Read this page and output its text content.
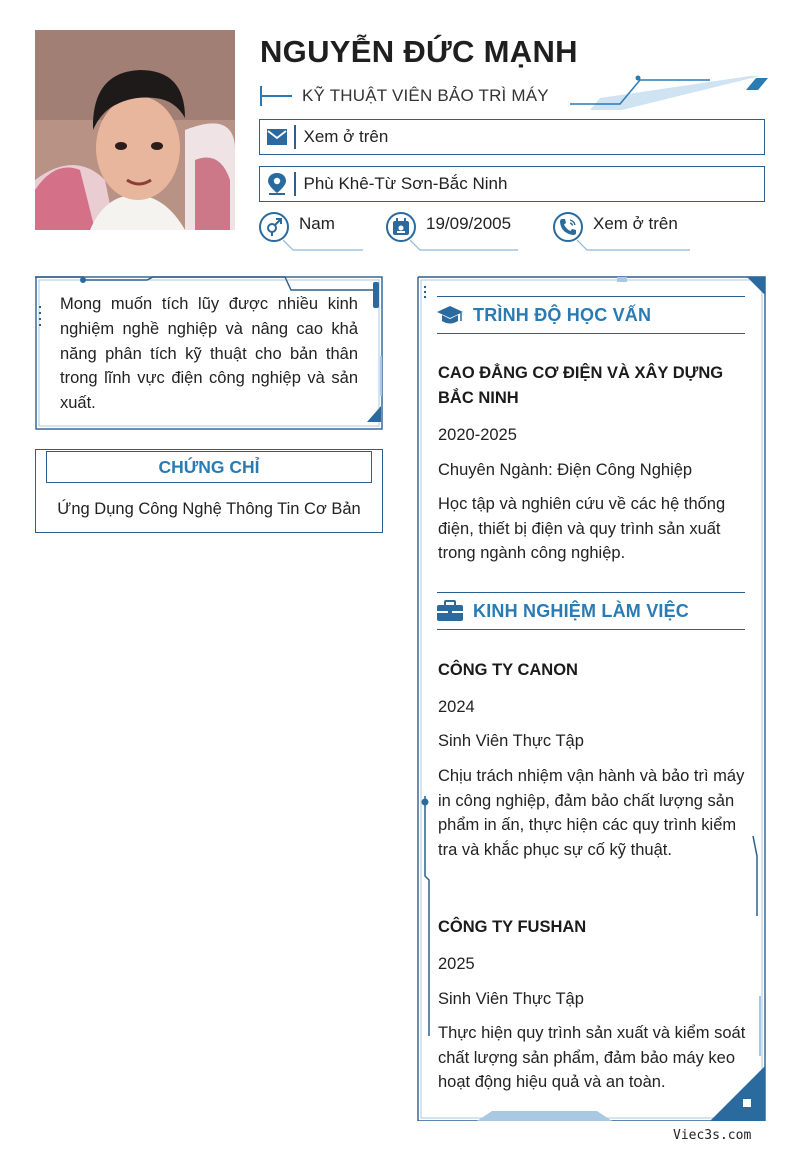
NGUYỄN ĐỨC MẠNH
KỸ THUẬT VIÊN BẢO TRÌ MÁY
Xem ở trên
Phù Khê-Từ Sơn-Bắc Ninh
Nam	19/09/2005	Xem ở trên
Mong muốn tích lũy được nhiều kinh nghiệm nghề nghiệp và nâng cao khả năng phân tích kỹ thuật cho bản thân trong lĩnh vực điện công nghiệp và sản xuất.
CHỨNG CHỈ
Ứng Dụng Công Nghệ Thông Tin Cơ Bản
TRÌNH ĐỘ HỌC VẤN
CAO ĐẲNG CƠ ĐIỆN VÀ XÂY DỰNG BẮC NINH
2020-2025
Chuyên Ngành: Điện Công Nghiệp
Học tập và nghiên cứu về các hệ thống điện, thiết bị điện và quy trình sản xuất trong ngành công nghiệp.
KINH NGHIỆM LÀM VIỆC
CÔNG TY CANON
2024
Sinh Viên Thực Tập
Chịu trách nhiệm vận hành và bảo trì máy in công nghiệp, đảm bảo chất lượng sản phẩm in ấn, thực hiện các quy trình kiểm tra và khắc phục sự cố kỹ thuật.
CÔNG TY FUSHAN
2025
Sinh Viên Thực Tập
Thực hiện quy trình sản xuất và kiểm soát chất lượng sản phẩm, đảm bảo máy keo hoạt động hiệu quả và an toàn.
Viec3s.com
